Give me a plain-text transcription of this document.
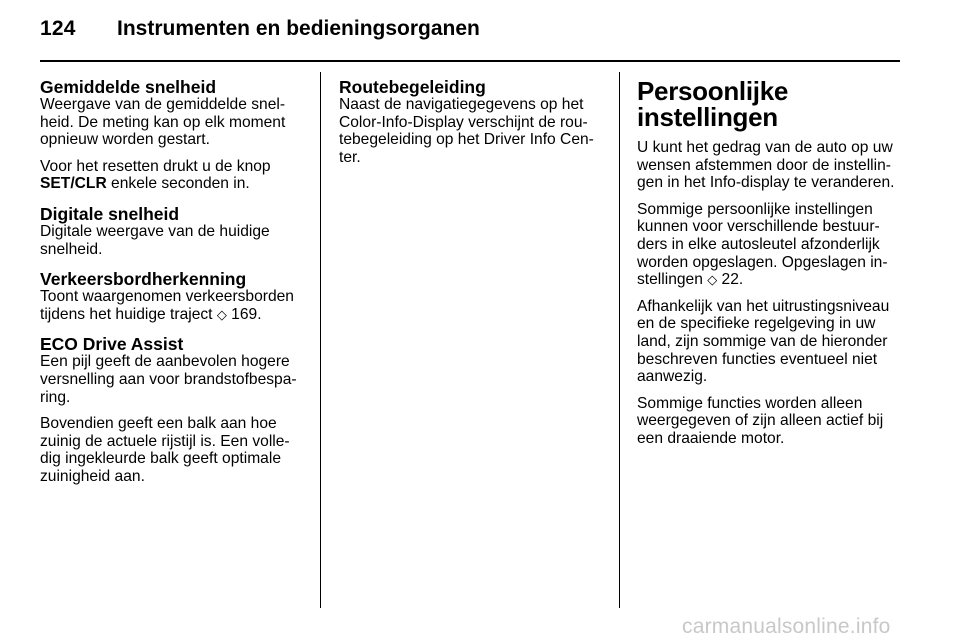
124 Instrumenten en bedieningsorganen

Gemiddelde snelheid

Weergave van de gemiddelde snel-
heid. De meting kan op elk moment
opnieuw worden gestart.

Voor het resetten drukt u de knop
SET/CLR enkele seconden in.

Digitale snelheid

Digitale weergave van de huidige
snelheid.

Verkeersbordherkenning

Toont waargenomen verkeersborden
tijdens het huidige traject ◇ 169.

ECO Drive Assist

Een pijl geeft de aanbevolen hogere
versnelling aan voor brandstofbespa-
ring.

Bovendien geeft een balk aan hoe
zuinig de actuele rijstijl is. Een volle-
dig ingekleurde balk geeft optimale
zuinigheid aan.

Routebegeleiding

Naast de navigatiegegevens op het
Color-Info-Display verschijnt de rou-
tebegeleiding op het Driver Info Cen-
ter.

Persoonlijke
instellingen

U kunt het gedrag van de auto op uw
wensen afstemmen door de instellin-
gen in het Info-display te veranderen.

Sommige persoonlijke instellingen
kunnen voor verschillende bestuur-
ders in elke autosleutel afzonderlijk
worden opgeslagen. Opgeslagen in-
stellingen ◇ 22.

Afhankelijk van het uitrustingsniveau
en de specifieke regelgeving in uw
land, zijn sommige van de hieronder
beschreven functies eventueel niet
aanwezig.

Sommige functies worden alleen
weergegeven of zijn alleen actief bij
een draaiende motor.

carmanualsonline.info
